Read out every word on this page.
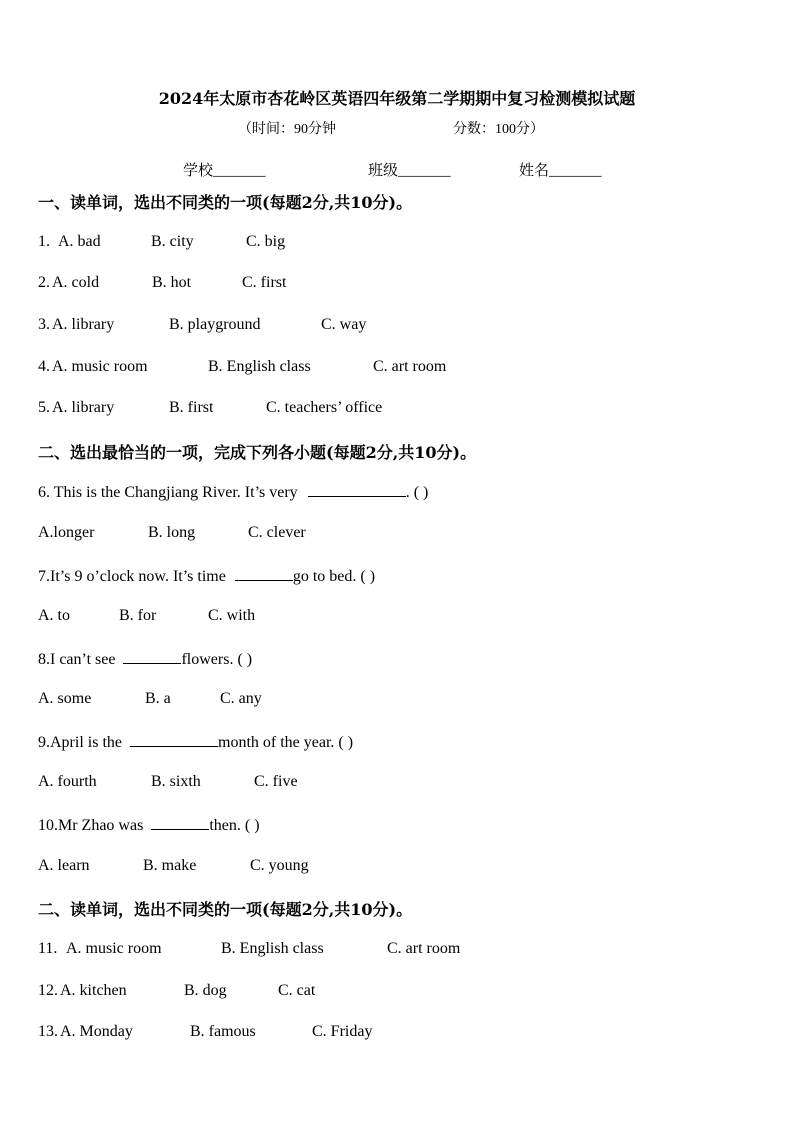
2024年太原市杏花岭区英语四年级第二学期期中复习检测模拟试题
（时间：90分钟	分数：100分）
学校_______	班级_______	姓名_______
一、读单词，选出不同类的一项(每题2分,共10分)。
1. A. bad	B. city	C. big
2. A. cold	B. hot	C. first
3. A. library	B. playground	C. way
4. A. music room	B. English class	C. art room
5. A. library	B. first	C. teachers’ office
二、选出最恰当的一项，完成下列各小题(每题2分,共10分)。
6. This is the Changjiang River. It’s very	. ( )
A.longer	B. long	C. clever
7.It’s 9 o’clock now. It’s time	go to bed. ( )
A. to	B. for	C. with
8.I can’t see	flowers. ( )
A. some	B. a	C. any
9.April is the	month of the year. ( )
A. fourth	B. sixth	C. five
10.Mr Zhao was	then. ( )
A. learn	B. make	C. young
二、读单词，选出不同类的一项(每题2分,共10分)。
11. A. music room	B. English class	C. art room
12. A. kitchen	B. dog	C. cat
13. A. Monday	B. famous	C. Friday
